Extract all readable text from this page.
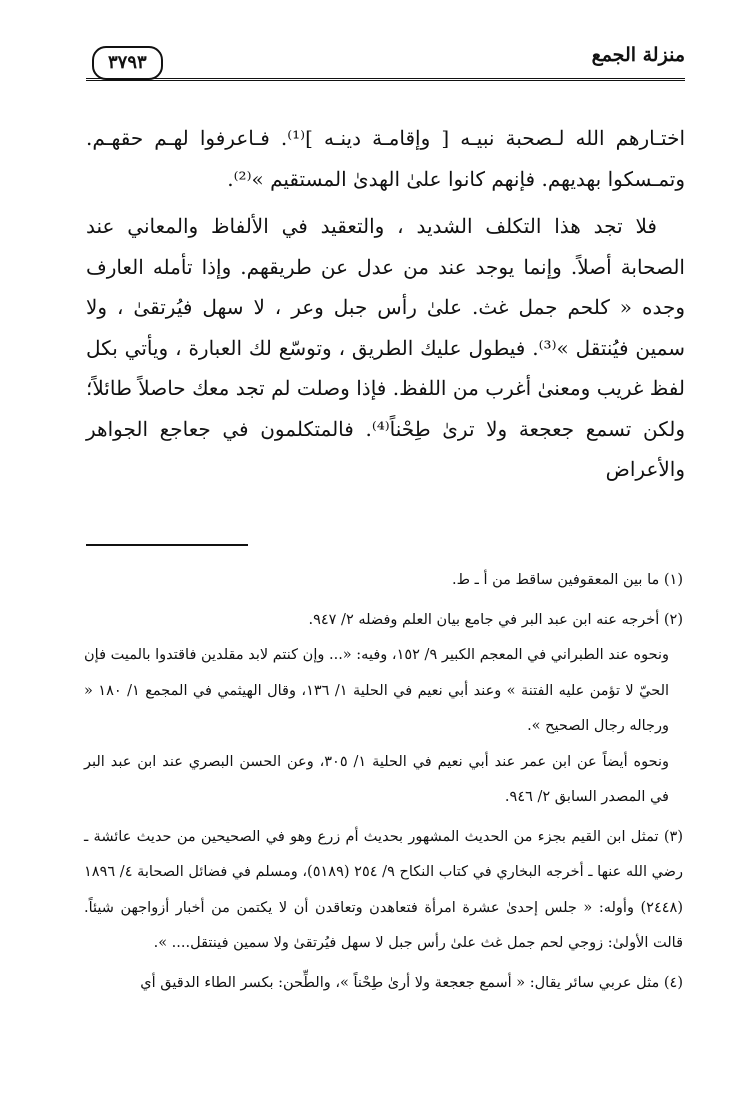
منزلة الجمع
٣٧٩٣

اختـارهم الله لـصحبة نبيـه [ وإقامـة دينـه ]⁽¹⁾. فـاعرفوا لهـم حقهـم. وتمـسكوا بهديهم. فإنهم كانوا علىٰ الهدىٰ المستقيم »⁽²⁾.

فلا تجد هذا التكلف الشديد ، والتعقيد في الألفاظ والمعاني عند الصحابة أصلاً. وإنما يوجد عند من عدل عن طريقهم. وإذا تأمله العارف وجده « كلحم جمل غث. علىٰ رأس جبل وعر ، لا سهل فيُرتقىٰ ، ولا سمين فيُنتقل »⁽³⁾. فيطول عليك الطريق ، وتوسّع لك العبارة ، ويأتي بكل لفظ غريب ومعنىٰ أغرب من اللفظ. فإذا وصلت لم تجد معك حاصلاً طائلاً؛ ولكن تسمع جعجعة ولا ترىٰ طِحْناً⁽⁴⁾. فالمتكلمون في جعاجع الجواهر والأعراض

(١) ما بين المعقوفين ساقط من أ ـ ط.

(٢) أخرجه عنه ابن عبد البر في جامع بيان العلم وفضله ٢/ ٩٤٧.

ونحوه عند الطبراني في المعجم الكبير ٩/ ١٥٢، وفيه: «... وإن كنتم لابد مقلدين فاقتدوا بالميت فإن الحيّ لا تؤمن عليه الفتنة » وعند أبي نعيم في الحلية ١/ ١٣٦، وقال الهيثمي في المجمع ١/ ١٨٠ « ورجاله رجال الصحيح ».

ونحوه أيضاً عن ابن عمر عند أبي نعيم في الحلية ١/ ٣٠٥، وعن الحسن البصري عند ابن عبد البر في المصدر السابق ٢/ ٩٤٦.

(٣) تمثل ابن القيم بجزء من الحديث المشهور بحديث أم زرع وهو في الصحيحين من حديث عائشة ـ رضي الله عنها ـ أخرجه البخاري في كتاب النكاح ٩/ ٢٥٤ (٥١٨٩)، ومسلم في فضائل الصحابة ٤/ ١٨٩٦ (٢٤٤٨) وأوله: « جلس إحدىٰ عشرة امرأة فتعاهدن وتعاقدن أن لا يكتمن من أخبار أزواجهن شيئاً. قالت الأولىٰ: زوجي لحم جمل غث علىٰ رأس جبل لا سهل فيُرتقىٰ ولا سمين فينتقل.... ».

(٤) مثل عربي سائر يقال: « أسمع جعجعة ولا أرىٰ طِحْناً »، والطِّحن: بكسر الطاء الدقيق أي
